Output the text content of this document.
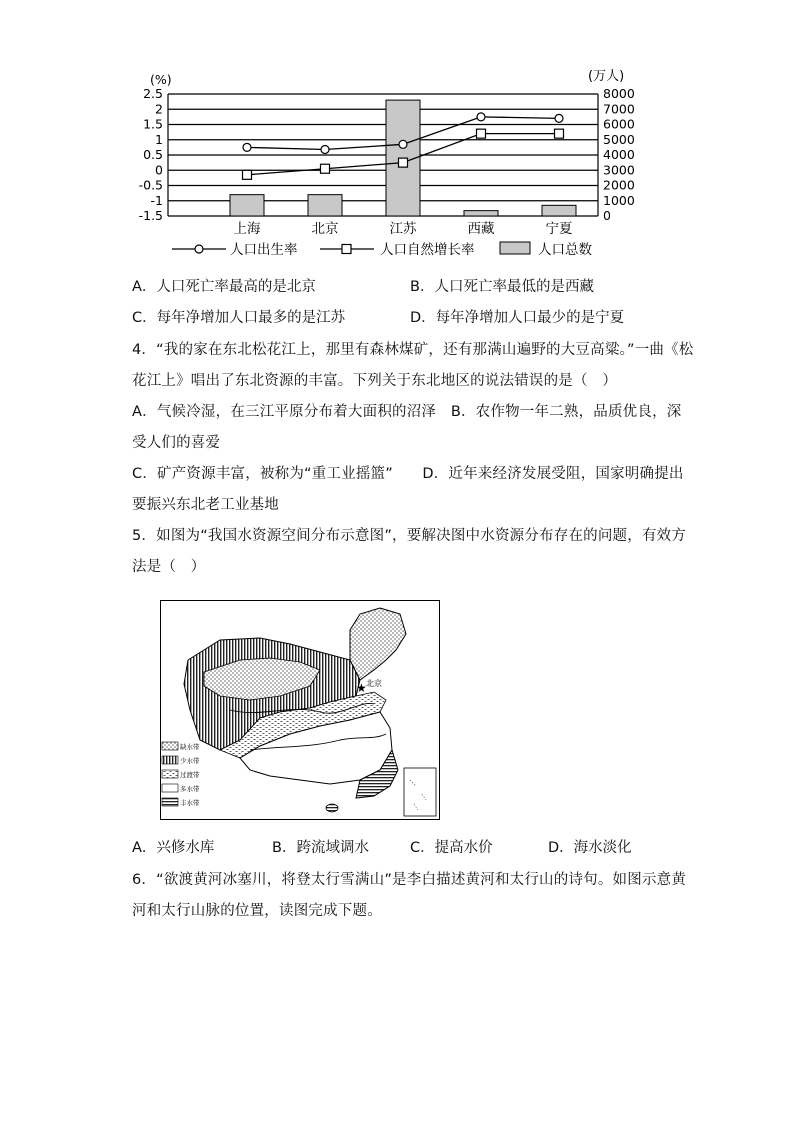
2.5
2
1.5
1
0.5
0
-0.5
-1
-1.5
8000
7000
6000
5000
4000
3000
2000
1000
0
上海	北京	江苏	西藏	宁夏
人口出生率	人口自然增长率	人口总数
(%)	(万人)
A．人口死亡率最高的是北京	B．人口死亡率最低的是西藏
C．每年净增加人口最多的是江苏	D．每年净增加人口最少的是宁夏
4．“我的家在东北松花江上，那里有森林煤矿，还有那满山遍野的大豆高粱。”一曲《松
花江上》唱出了东北资源的丰富。下列关于东北地区的说法错误的是（　）
A．气候冷湿，在三江平原分布着大面积的沼泽　B．农作物一年二熟，品质优良，深
受人们的喜爱
C．矿产资源丰富，被称为“重工业摇篮”　　D．近年来经济发展受阻，国家明确提出
要振兴东北老工业基地
5．如图为“我国水资源空间分布示意图”，要解决图中水资源分布存在的问题，有效方
法是（　）
★ 北京
缺水带
少水带
过渡带
多水带
丰水带
A．兴修水库	B．跨流域调水	C．提高水价	D．海水淡化
6．“欲渡黄河冰塞川，将登太行雪满山”是李白描述黄河和太行山的诗句。如图示意黄
河和太行山脉的位置，读图完成下题。
